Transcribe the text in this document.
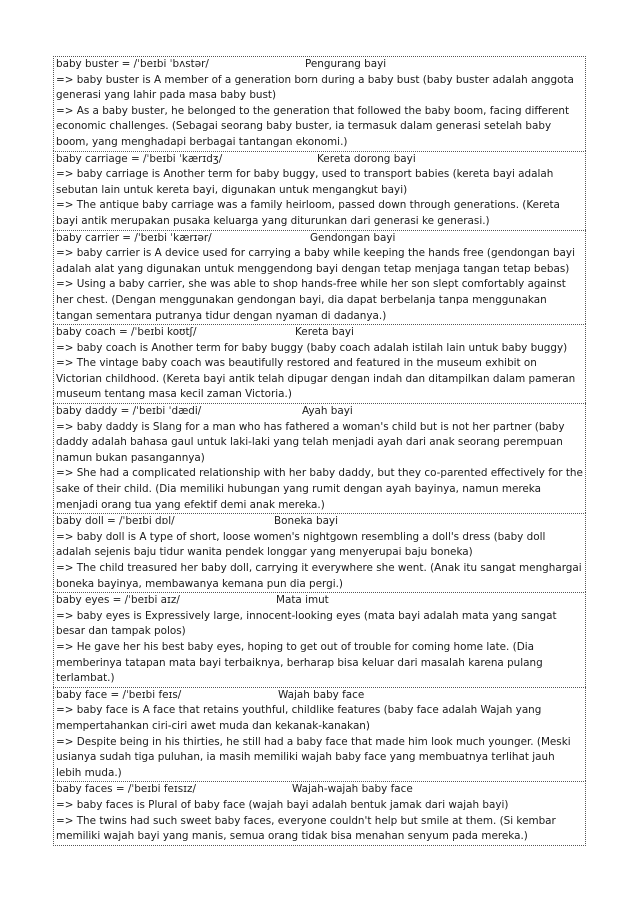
baby buster = /ˈbeɪbi ˈbʌstər/	Pengurang bayi
=> baby buster is A member of a generation born during a baby bust (baby buster adalah anggota generasi yang lahir pada masa baby bust)
=> As a baby buster, he belonged to the generation that followed the baby boom, facing different economic challenges. (Sebagai seorang baby buster, ia termasuk dalam generasi setelah baby boom, yang menghadapi berbagai tantangan ekonomi.)
baby carriage = /ˈbeɪbi ˈkærɪdʒ/	Kereta dorong bayi
=> baby carriage is Another term for baby buggy, used to transport babies (kereta bayi adalah sebutan lain untuk kereta bayi, digunakan untuk mengangkut bayi)
=> The antique baby carriage was a family heirloom, passed down through generations. (Kereta bayi antik merupakan pusaka keluarga yang diturunkan dari generasi ke generasi.)
baby carrier = /ˈbeɪbi ˈkærɪər/	Gendongan bayi
=> baby carrier is A device used for carrying a baby while keeping the hands free (gendongan bayi adalah alat yang digunakan untuk menggendong bayi dengan tetap menjaga tangan tetap bebas)
=> Using a baby carrier, she was able to shop hands-free while her son slept comfortably against her chest. (Dengan menggunakan gendongan bayi, dia dapat berbelanja tanpa menggunakan tangan sementara putranya tidur dengan nyaman di dadanya.)
baby coach = /ˈbeɪbi koʊtʃ/	Kereta bayi
=> baby coach is Another term for baby buggy (baby coach adalah istilah lain untuk baby buggy)
=> The vintage baby coach was beautifully restored and featured in the museum exhibit on Victorian childhood. (Kereta bayi antik telah dipugar dengan indah dan ditampilkan dalam pameran museum tentang masa kecil zaman Victoria.)
baby daddy = /ˈbeɪbi ˈdædi/	Ayah bayi
=> baby daddy is Slang for a man who has fathered a woman's child but is not her partner (baby daddy adalah bahasa gaul untuk laki-laki yang telah menjadi ayah dari anak seorang perempuan namun bukan pasangannya)
=> She had a complicated relationship with her baby daddy, but they co-parented effectively for the sake of their child. (Dia memiliki hubungan yang rumit dengan ayah bayinya, namun mereka menjadi orang tua yang efektif demi anak mereka.)
baby doll = /ˈbeɪbi dɒl/	Boneka bayi
=> baby doll is A type of short, loose women's nightgown resembling a doll's dress (baby doll adalah sejenis baju tidur wanita pendek longgar yang menyerupai baju boneka)
=> The child treasured her baby doll, carrying it everywhere she went. (Anak itu sangat menghargai boneka bayinya, membawanya kemana pun dia pergi.)
baby eyes = /ˈbeɪbi aɪz/	Mata imut
=> baby eyes is Expressively large, innocent-looking eyes (mata bayi adalah mata yang sangat besar dan tampak polos)
=> He gave her his best baby eyes, hoping to get out of trouble for coming home late. (Dia memberinya tatapan mata bayi terbaiknya, berharap bisa keluar dari masalah karena pulang terlambat.)
baby face = /ˈbeɪbi feɪs/	Wajah baby face
=> baby face is A face that retains youthful, childlike features (baby face adalah Wajah yang mempertahankan ciri-ciri awet muda dan kekanak-kanakan)
=> Despite being in his thirties, he still had a baby face that made him look much younger. (Meski usianya sudah tiga puluhan, ia masih memiliki wajah baby face yang membuatnya terlihat jauh lebih muda.)
baby faces = /ˈbeɪbi feɪsɪz/	Wajah-wajah baby face
=> baby faces is Plural of baby face (wajah bayi adalah bentuk jamak dari wajah bayi)
=> The twins had such sweet baby faces, everyone couldn't help but smile at them. (Si kembar memiliki wajah bayi yang manis, semua orang tidak bisa menahan senyum pada mereka.)
